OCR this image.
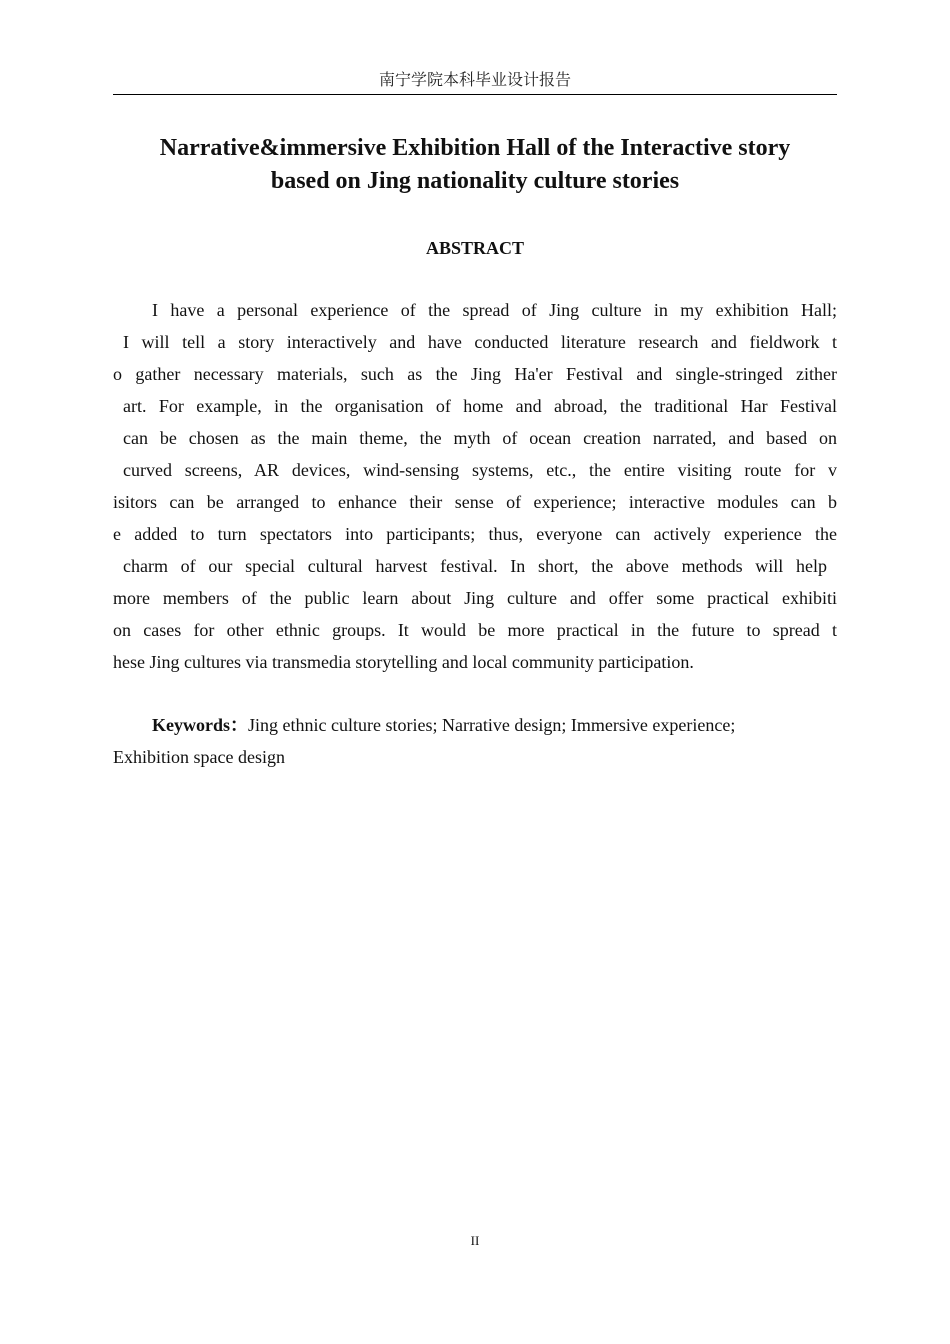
南宁学院本科毕业设计报告
Narrative&immersive Exhibition Hall of the Interactive story
based on Jing nationality culture stories
ABSTRACT
I have a personal experience of the spread of Jing culture in my exhibition Hall;
I will tell a story interactively and have conducted literature research and fieldwork t
o gather necessary materials, such as the Jing Ha'er Festival and single-stringed zither
art. For example, in the organisation of home and abroad, the traditional Har Festival
can be chosen as the main theme, the myth of ocean creation narrated, and based on
curved screens, AR devices, wind-sensing systems, etc., the entire visiting route for v
isitors can be arranged to enhance their sense of experience; interactive modules can b
e added to turn spectators into participants; thus, everyone can actively experience the
charm of our special cultural harvest festival. In short, the above methods will help
more members of the public learn about Jing culture and offer some practical exhibiti
on cases for other ethnic groups. It would be more practical in the future to spread t
hese Jing cultures via transmedia storytelling and local community participation.
Keywords：Jing ethnic culture stories; Narrative design; Immersive experience;
Exhibition space design
II
